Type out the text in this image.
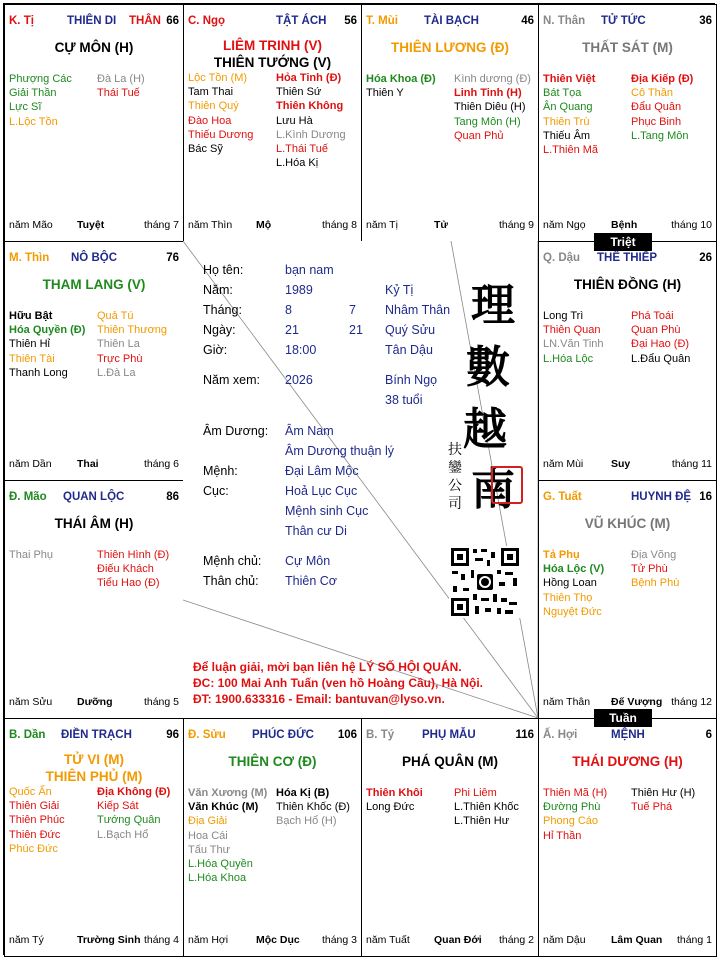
K. Tị	THIÊN DI THÂN 66
CỰ MÔN (H)
Phượng Các
Giải Thần
Lực Sĩ
L.Lộc Tồn
Đà La (H)
Thái Tuế
năm Mão Tuyệt	tháng 7
C. Ngọ	TẬT ÁCH 56
LIÊM TRINH (V)
THIÊN TƯỚNG (V)
Lộc Tồn (M)
Tam Thai
Thiên Quý
Đào Hoa
Thiếu Dương
Bác Sỹ
Hỏa Tinh (Đ)
Thiên Sứ
Thiên Không
Lưu Hà
L.Kình Dương
L.Thái Tuế
L.Hóa Kị
năm Thìn Mộ	tháng 8
T. Mùi TÀI BẠCH	46
THIÊN LƯƠNG (Đ)
Hóa Khoa (Đ)
Thiên Y
Kình dương (Đ)
Linh Tinh (H)
Thiên Diêu (H)
Tang Môn (H)
Quan Phủ
năm Tị	Tử	tháng 9
N. Thân TỬ TỨC	36
THẤT SÁT (M)
Thiên Việt
Bát Tọa
Ân Quang
Thiên Trù
Thiếu Âm
L.Thiên Mã
Địa Kiếp (Đ)
Cô Thần
Đẩu Quân
Phục Binh
L.Tang Môn
năm Ngọ Bệnh	tháng 10
M. Thìn NÔ BỘC	76
THAM LANG (V)
Hữu Bật
Hóa Quyền (Đ)
Thiên Hỉ
Thiên Tài
Thanh Long
Quả Tú
Thiên Thương
Thiên La
Trực Phù
L.Đà La
năm Dần Thai	tháng 6
Q. Dậu THÊ THIẾP	26
THIÊN ĐỒNG (H)
Long Trì
Thiên Quan
LN.Văn Tinh
L.Hóa Lộc
Phá Toái
Quan Phù
Đại Hao (Đ)
L.Đẩu Quân
năm Mùi	Suy	tháng 11
Đ. Mão QUAN LỘC	86
THÁI ÂM (H)
Thai Phụ	Thiên Hình (Đ)
Điếu Khách
Tiểu Hao (Đ)
năm Sửu Dưỡng	tháng 5
G. Tuất	HUYNH ĐỆ 16
VŨ KHÚC (M)
Tả Phụ
Hóa Lộc (V)
Hồng Loan
Thiên Thọ
Nguyệt Đức
Địa Võng
Tử Phù
Bệnh Phù
năm Thân Đế Vượng tháng 12
B. Dần ĐIỀN TRẠCH	96
TỬ VI (M)
THIÊN PHỦ (M)
Quốc Ấn
Thiên Giải
Thiên Phúc
Thiên Đức
Phúc Đức
Địa Không (Đ)
Kiếp Sát
Tướng Quân
L.Bạch Hổ
năm Tý	Trường Sinh tháng 4
Đ. Sửu PHÚC ĐỨC 106
THIÊN CƠ (Đ)
Văn Xương (M)
Văn Khúc (M)
Địa Giải
Hoa Cái
Tấu Thư
L.Hóa Quyền
L.Hóa Khoa
Hóa Kị (B)
Thiên Khốc (Đ)
Bạch Hổ (H)
năm Hợi	Mộc Dục tháng 3
B. Tý PHỤ MẪU	116
PHÁ QUÂN (M)
Thiên Khôi
Long Đức
Phi Liêm
L.Thiên Khốc
L.Thiên Hư
năm Tuất Quan Đới tháng 2
Ấ. Hợi	MỆNH	6
THÁI DƯƠNG (H)
Thiên Mã (H)
Đường Phù
Phong Cáo
Hỉ Thần
Thiên Hư (H)
Tuế Phá
năm Dậu Lâm Quan tháng 1
Họ tên:	bạn nam
Năm:	1989	Kỷ Tị
Tháng:	8	7 Nhâm Thân
Ngày:	21	21 Quý Sửu
Giờ:	18:00	Tân Dậu
Năm xem: 2026	Bính Ngọ
38 tuổi
Âm Dương: Âm Nam
Âm Dương thuận lý
Mệnh:	Đại Lâm Mộc
Cục:	Hoả Lục Cục
Mệnh sinh Cục
Thân cư Di
Mệnh chủ: Cự Môn
Thân chủ: Thiên Cơ
理
數
越
南
扶鑾公司
Để luận giải, mời bạn liên hệ LÝ SỐ HỘI QUÁN.
ĐC: 100 Mai Anh Tuấn (ven hồ Hoàng Cầu), Hà Nội.
ĐT: 1900.633316 - Email: bantuvan@lyso.vn.
Triệt
Tuần
